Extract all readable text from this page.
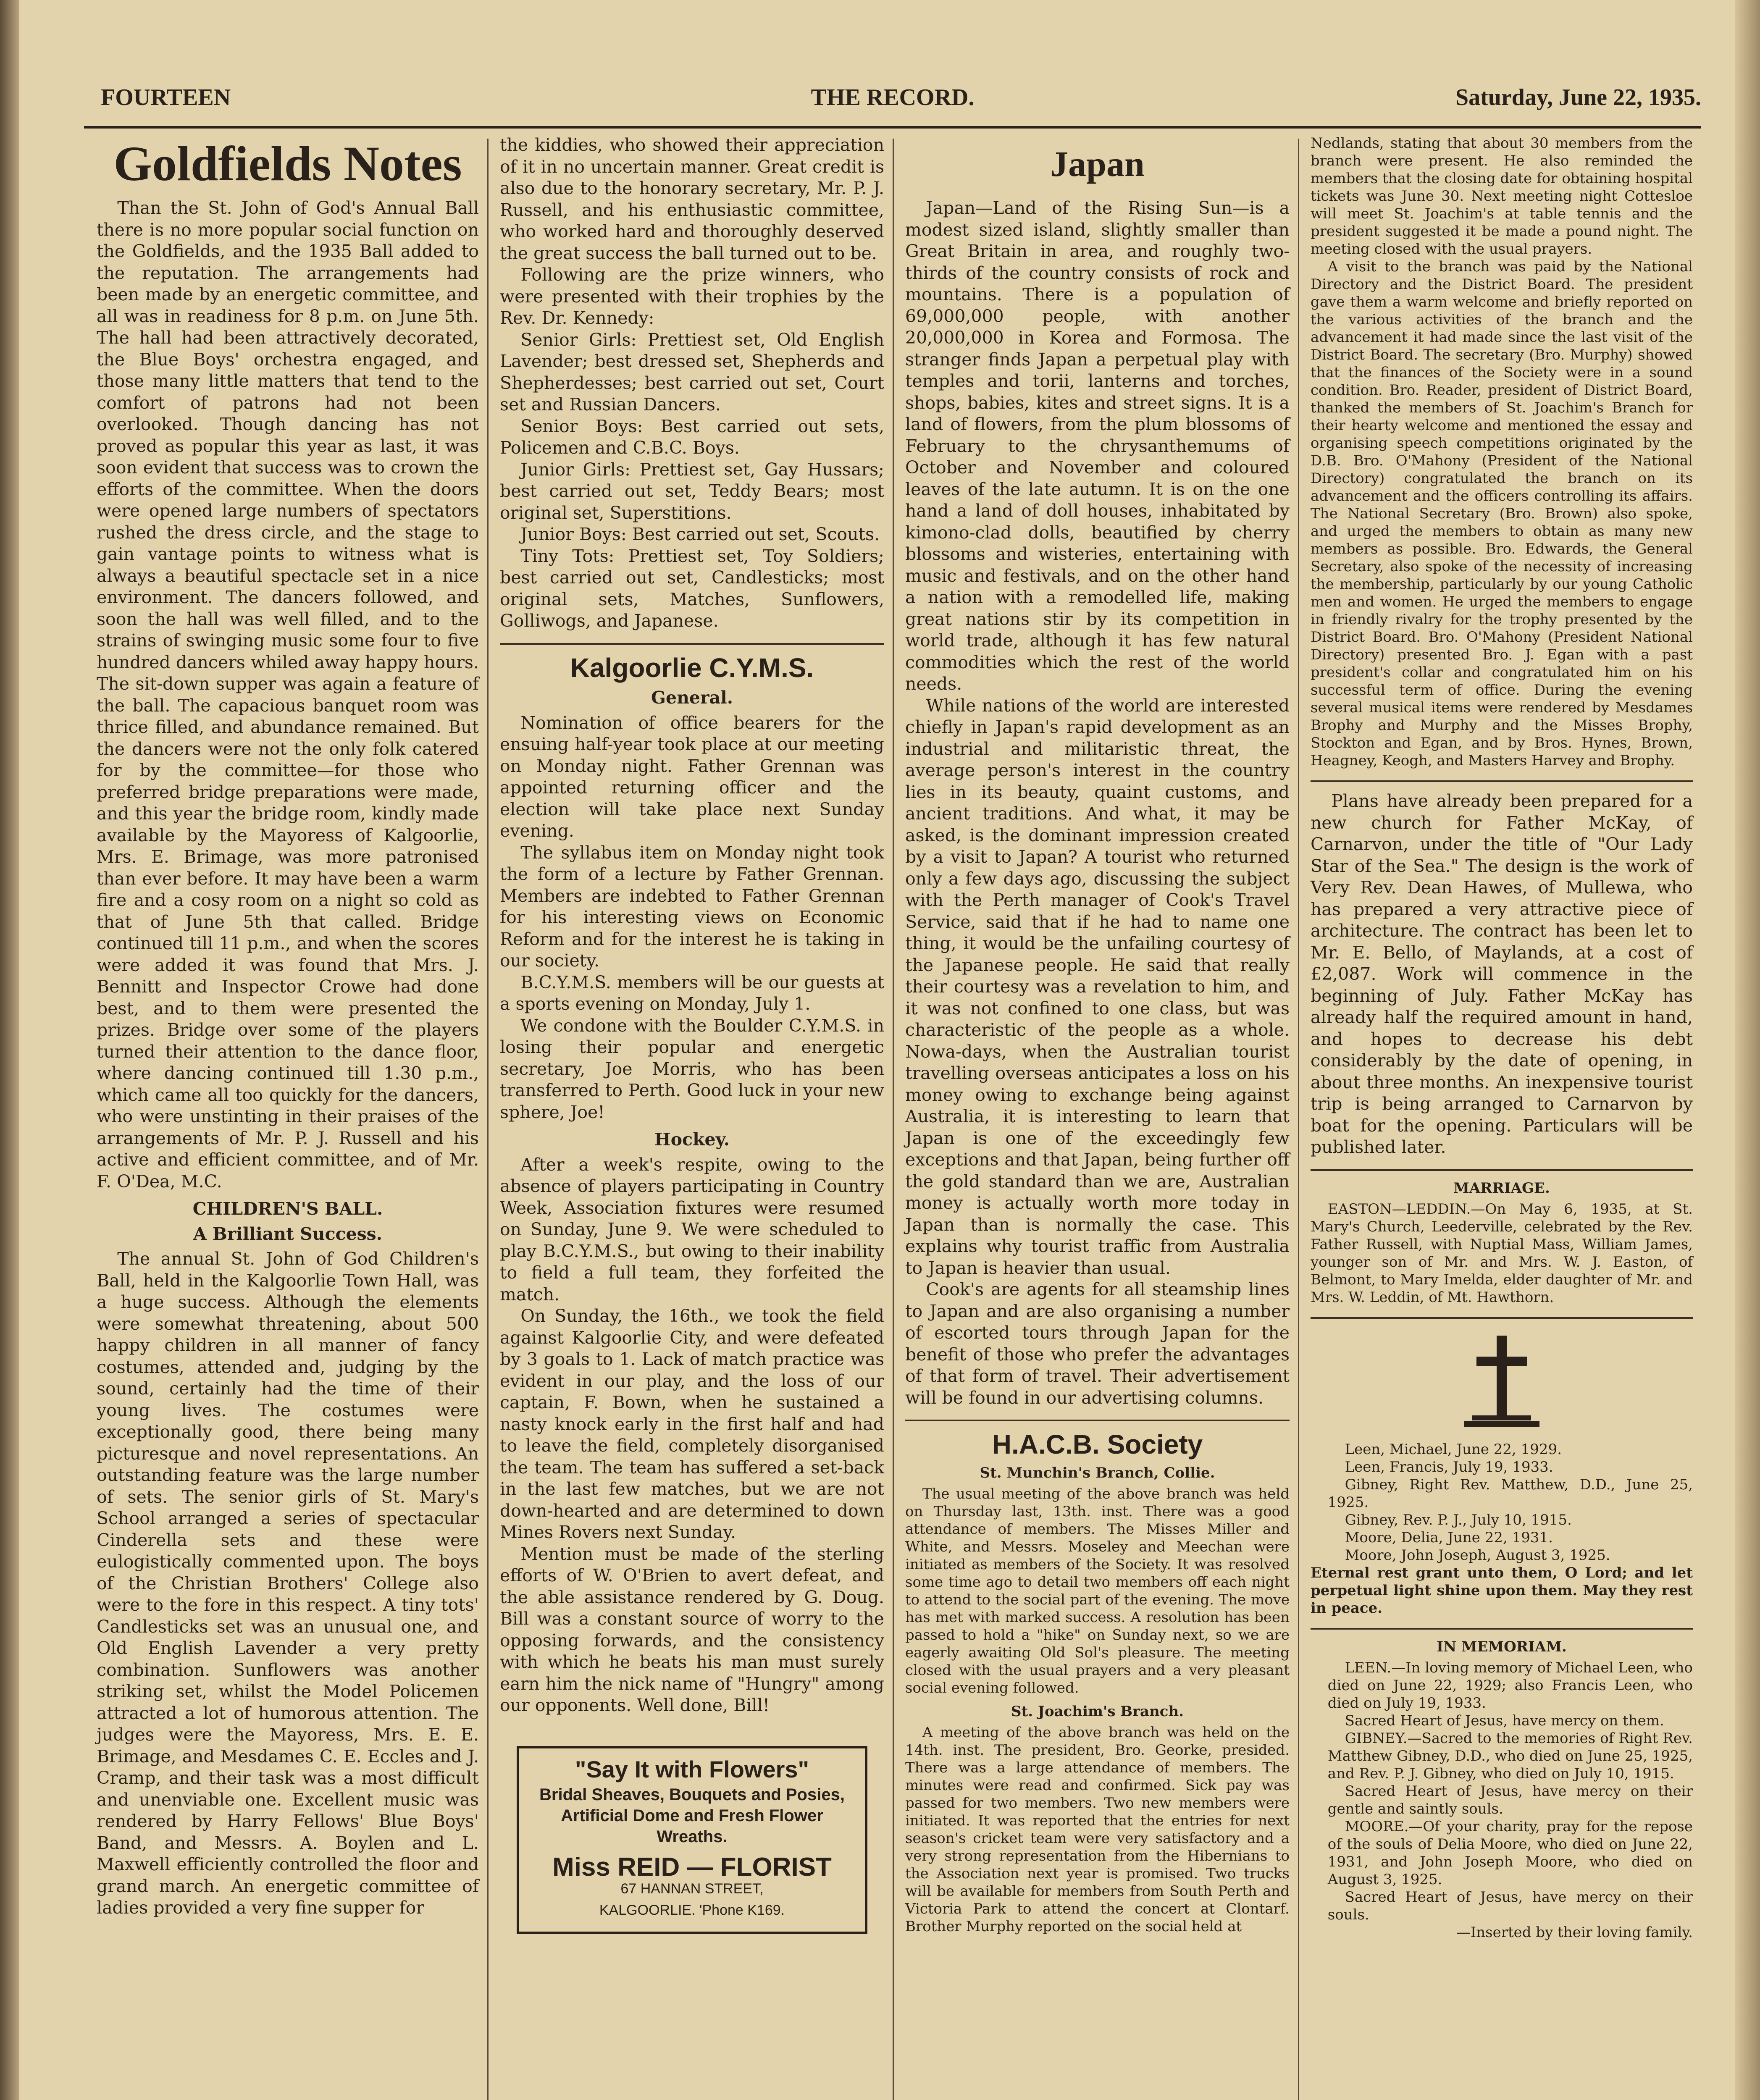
FOURTEEN	THE RECORD.	Saturday, June 22, 1935.
Goldfields Notes

Than the St. John of God's Annual Ball there is no more popular social function on the Goldfields, and the 1935 Ball added to the reputation. The arrangements had been made by an energetic committee, and all was in readiness for 8 p.m. on June 5th. The hall had been attractively decorated, the Blue Boys' orchestra engaged, and those many little matters that tend to the comfort of patrons had not been overlooked. Though dancing has not proved as popular this year as last, it was soon evident that success was to crown the efforts of the committee. When the doors were opened large numbers of spectators rushed the dress circle, and the stage to gain vantage points to witness what is always a beautiful spectacle set in a nice environment. The dancers followed, and soon the hall was well filled, and to the strains of swinging music some four to five hundred dancers whiled away happy hours. The sit-down supper was again a feature of the ball. The capacious banquet room was thrice filled, and abundance remained. But the dancers were not the only folk catered for by the committee—for those who preferred bridge preparations were made, and this year the bridge room, kindly made available by the Mayoress of Kalgoorlie, Mrs. E. Brimage, was more patronised than ever before. It may have been a warm fire and a cosy room on a night so cold as that of June 5th that called. Bridge continued till 11 p.m., and when the scores were added it was found that Mrs. J. Bennitt and Inspector Crowe had done best, and to them were presented the prizes. Bridge over some of the players turned their attention to the dance floor, where dancing continued till 1.30 p.m., which came all too quickly for the dancers, who were unstinting in their praises of the arrangements of Mr. P. J. Russell and his active and efficient committee, and of Mr. F. O'Dea, M.C.

CHILDREN'S BALL.
A Brilliant Success.

The annual St. John of God Children's Ball, held in the Kalgoorlie Town Hall, was a huge success. Although the elements were somewhat threatening, about 500 happy children in all manner of fancy costumes, attended and, judging by the sound, certainly had the time of their young lives. The costumes were exceptionally good, there being many picturesque and novel representations. An outstanding feature was the large number of sets. The senior girls of St. Mary's School arranged a series of spectacular Cinderella sets and these were eulogistically commented upon. The boys of the Christian Brothers' College also were to the fore in this respect. A tiny tots' Candlesticks set was an unusual one, and Old English Lavender a very pretty combination. Sunflowers was another striking set, whilst the Model Policemen attracted a lot of humorous attention. The judges were the Mayoress, Mrs. E. E. Brimage, and Mesdames C. E. Eccles and J. Cramp, and their task was a most difficult and unenviable one. Excellent music was rendered by Harry Fellows' Blue Boys' Band, and Messrs. A. Boylen and L. Maxwell efficiently controlled the floor and grand march. An energetic committee of ladies provided a very fine supper for

the kiddies, who showed their appreciation of it in no uncertain manner. Great credit is also due to the honorary secretary, Mr. P. J. Russell, and his enthusiastic committee, who worked hard and thoroughly deserved the great success the ball turned out to be.

Following are the prize winners, who were presented with their trophies by the Rev. Dr. Kennedy:

Senior Girls: Prettiest set, Old English Lavender; best dressed set, Shepherds and Shepherdesses; best carried out set, Court set and Russian Dancers.

Senior Boys: Best carried out sets, Policemen and C.B.C. Boys.

Junior Girls: Prettiest set, Gay Hussars; best carried out set, Teddy Bears; most original set, Superstitions.

Junior Boys: Best carried out set, Scouts.

Tiny Tots: Prettiest set, Toy Soldiers; best carried out set, Candlesticks; most original sets, Matches, Sunflowers, Golliwogs, and Japanese.

Kalgoorlie C.Y.M.S.
General.

Nomination of office bearers for the ensuing half-year took place at our meeting on Monday night. Father Grennan was appointed returning officer and the election will take place next Sunday evening.

The syllabus item on Monday night took the form of a lecture by Father Grennan. Members are indebted to Father Grennan for his interesting views on Economic Reform and for the interest he is taking in our society.

B.C.Y.M.S. members will be our guests at a sports evening on Monday, July 1.

We condone with the Boulder C.Y.M.S. in losing their popular and energetic secretary, Joe Morris, who has been transferred to Perth. Good luck in your new sphere, Joe!

Hockey.

After a week's respite, owing to the absence of players participating in Country Week, Association fixtures were resumed on Sunday, June 9. We were scheduled to play B.C.Y.M.S., but owing to their inability to field a full team, they forfeited the match.

On Sunday, the 16th., we took the field against Kalgoorlie City, and were defeated by 3 goals to 1. Lack of match practice was evident in our play, and the loss of our captain, F. Bown, when he sustained a nasty knock early in the first half and had to leave the field, completely disorganised the team. The team has suffered a set-back in the last few matches, but we are not down-hearted and are determined to down Mines Rovers next Sunday.

Mention must be made of the sterling efforts of W. O'Brien to avert defeat, and the able assistance rendered by G. Doug. Bill was a constant source of worry to the opposing forwards, and the consistency with which he beats his man must surely earn him the nick name of "Hungry" among our opponents. Well done, Bill!

"Say It with Flowers"
Bridal Sheaves, Bouquets and Posies, Artificial Dome and Fresh Flower Wreaths.
Miss REID — FLORIST
67 HANNAN STREET,
KALGOORLIE. 'Phone K169.
Japan

Japan—Land of the Rising Sun—is a modest sized island, slightly smaller than Great Britain in area, and roughly two-thirds of the country consists of rock and mountains. There is a population of 69,000,000 people, with another 20,000,000 in Korea and Formosa. The stranger finds Japan a perpetual play with temples and torii, lanterns and torches, shops, babies, kites and street signs. It is a land of flowers, from the plum blossoms of February to the chrysanthemums of October and November and coloured leaves of the late autumn. It is on the one hand a land of doll houses, inhabitated by kimono-clad dolls, beautified by cherry blossoms and wisteries, entertaining with music and festivals, and on the other hand a nation with a remodelled life, making great nations stir by its competition in world trade, although it has few natural commodities which the rest of the world needs.

While nations of the world are interested chiefly in Japan's rapid development as an industrial and militaristic threat, the average person's interest in the country lies in its beauty, quaint customs, and ancient traditions. And what, it may be asked, is the dominant impression created by a visit to Japan? A tourist who returned only a few days ago, discussing the subject with the Perth manager of Cook's Travel Service, said that if he had to name one thing, it would be the unfailing courtesy of the Japanese people. He said that really their courtesy was a revelation to him, and it was not confined to one class, but was characteristic of the people as a whole. Nowa-days, when the Australian tourist travelling overseas anticipates a loss on his money owing to exchange being against Australia, it is interesting to learn that Japan is one of the exceedingly few exceptions and that Japan, being further off the gold standard than we are, Australian money is actually worth more today in Japan than is normally the case. This explains why tourist traffic from Australia to Japan is heavier than usual.

Cook's are agents for all steamship lines to Japan and are also organising a number of escorted tours through Japan for the benefit of those who prefer the advantages of that form of travel. Their advertisement will be found in our advertising columns.

H.A.C.B. Society
St. Munchin's Branch, Collie.

The usual meeting of the above branch was held on Thursday last, 13th. inst. There was a good attendance of members. The Misses Miller and White, and Messrs. Moseley and Meechan were initiated as members of the Society. It was resolved some time ago to detail two members off each night to attend to the social part of the evening. The move has met with marked success. A resolution has been passed to hold a "hike" on Sunday next, so we are eagerly awaiting Old Sol's pleasure. The meeting closed with the usual prayers and a very pleasant social evening followed.

St. Joachim's Branch.

A meeting of the above branch was held on the 14th. inst. The president, Bro. Georke, presided. There was a large attendance of members. The minutes were read and confirmed. Sick pay was passed for two members. Two new members were initiated. It was reported that the entries for next season's cricket team were very satisfactory and a very strong representation from the Hibernians to the Association next year is promised. Two trucks will be available for members from South Perth and Victoria Park to attend the concert at Clontarf. Brother Murphy reported on the social held at

Nedlands, stating that about 30 members from the branch were present. He also reminded the members that the closing date for obtaining hospital tickets was June 30. Next meeting night Cottesloe will meet St. Joachim's at table tennis and the president suggested it be made a pound night. The meeting closed with the usual prayers.

A visit to the branch was paid by the National Directory and the District Board. The president gave them a warm welcome and briefly reported on the various activities of the branch and the advancement it had made since the last visit of the District Board. The secretary (Bro. Murphy) showed that the finances of the Society were in a sound condition. Bro. Reader, president of District Board, thanked the members of St. Joachim's Branch for their hearty welcome and mentioned the essay and organising speech competitions originated by the D.B. Bro. O'Mahony (President of the National Directory) congratulated the branch on its advancement and the officers controlling its affairs. The National Secretary (Bro. Brown) also spoke, and urged the members to obtain as many new members as possible. Bro. Edwards, the General Secretary, also spoke of the necessity of increasing the membership, particularly by our young Catholic men and women. He urged the members to engage in friendly rivalry for the trophy presented by the District Board. Bro. O'Mahony (President National Directory) presented Bro. J. Egan with a past president's collar and congratulated him on his successful term of office. During the evening several musical items were rendered by Mesdames Brophy and Murphy and the Misses Brophy, Stockton and Egan, and by Bros. Hynes, Brown, Heagney, Keogh, and Masters Harvey and Brophy.

Plans have already been prepared for a new church for Father McKay, of Carnarvon, under the title of "Our Lady Star of the Sea." The design is the work of Very Rev. Dean Hawes, of Mullewa, who has prepared a very attractive piece of architecture. The contract has been let to Mr. E. Bello, of Maylands, at a cost of £2,087. Work will commence in the beginning of July. Father McKay has already half the required amount in hand, and hopes to decrease his debt considerably by the date of opening, in about three months. An inexpensive tourist trip is being arranged to Carnarvon by boat for the opening. Particulars will be published later.

MARRIAGE.

EASTON—LEDDIN.—On May 6, 1935, at St. Mary's Church, Leederville, celebrated by the Rev. Father Russell, with Nuptial Mass, William James, younger son of Mr. and Mrs. W. J. Easton, of Belmont, to Mary Imelda, elder daughter of Mr. and Mrs. W. Leddin, of Mt. Hawthorn.

Leen, Michael, June 22, 1929.

Leen, Francis, July 19, 1933.

Gibney, Right Rev. Matthew, D.D., June 25, 1925.

Gibney, Rev. P. J., July 10, 1915.

Moore, Delia, June 22, 1931.

Moore, John Joseph, August 3, 1925.

Eternal rest grant unto them, O Lord; and let perpetual light shine upon them. May they rest in peace.

IN MEMORIAM.

LEEN.—In loving memory of Michael Leen, who died on June 22, 1929; also Francis Leen, who died on July 19, 1933.

Sacred Heart of Jesus, have mercy on them.

GIBNEY.—Sacred to the memories of Right Rev. Matthew Gibney, D.D., who died on June 25, 1925, and Rev. P. J. Gibney, who died on July 10, 1915.

Sacred Heart of Jesus, have mercy on their gentle and saintly souls.

MOORE.—Of your charity, pray for the repose of the souls of Delia Moore, who died on June 22, 1931, and John Joseph Moore, who died on August 3, 1925.

Sacred Heart of Jesus, have mercy on their souls.

—Inserted by their loving family.
